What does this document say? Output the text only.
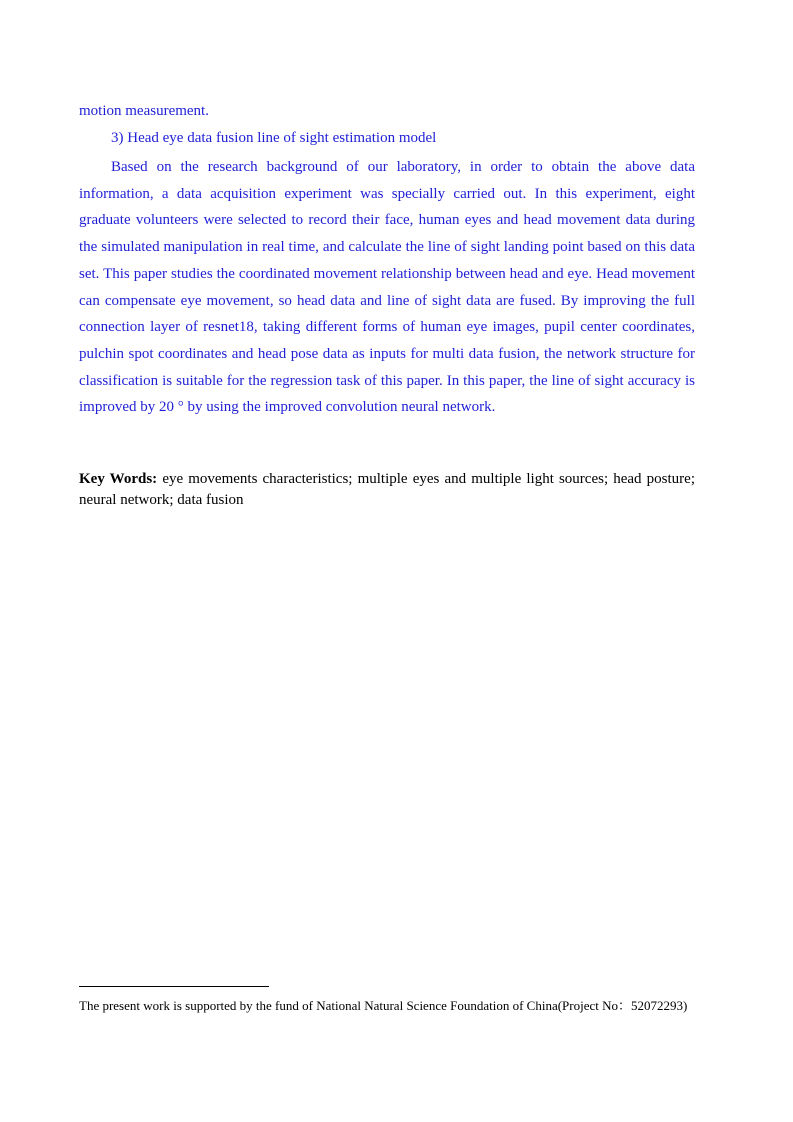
motion measurement.
3) Head eye data fusion line of sight estimation model

Based on the research background of our laboratory, in order to obtain the above data information, a data acquisition experiment was specially carried out. In this experiment, eight graduate volunteers were selected to record their face, human eyes and head movement data during the simulated manipulation in real time, and calculate the line of sight landing point based on this data set. This paper studies the coordinated movement relationship between head and eye. Head movement can compensate eye movement, so head data and line of sight data are fused. By improving the full connection layer of resnet18, taking different forms of human eye images, pupil center coordinates, pulchin spot coordinates and head pose data as inputs for multi data fusion, the network structure for classification is suitable for the regression task of this paper. In this paper, the line of sight accuracy is improved by 20 ° by using the improved convolution neural network.

Key Words: eye movements characteristics; multiple eyes and multiple light sources; head posture; neural network; data fusion

The present work is supported by the fund of National Natural Science Foundation of China(Project No：52072293)
